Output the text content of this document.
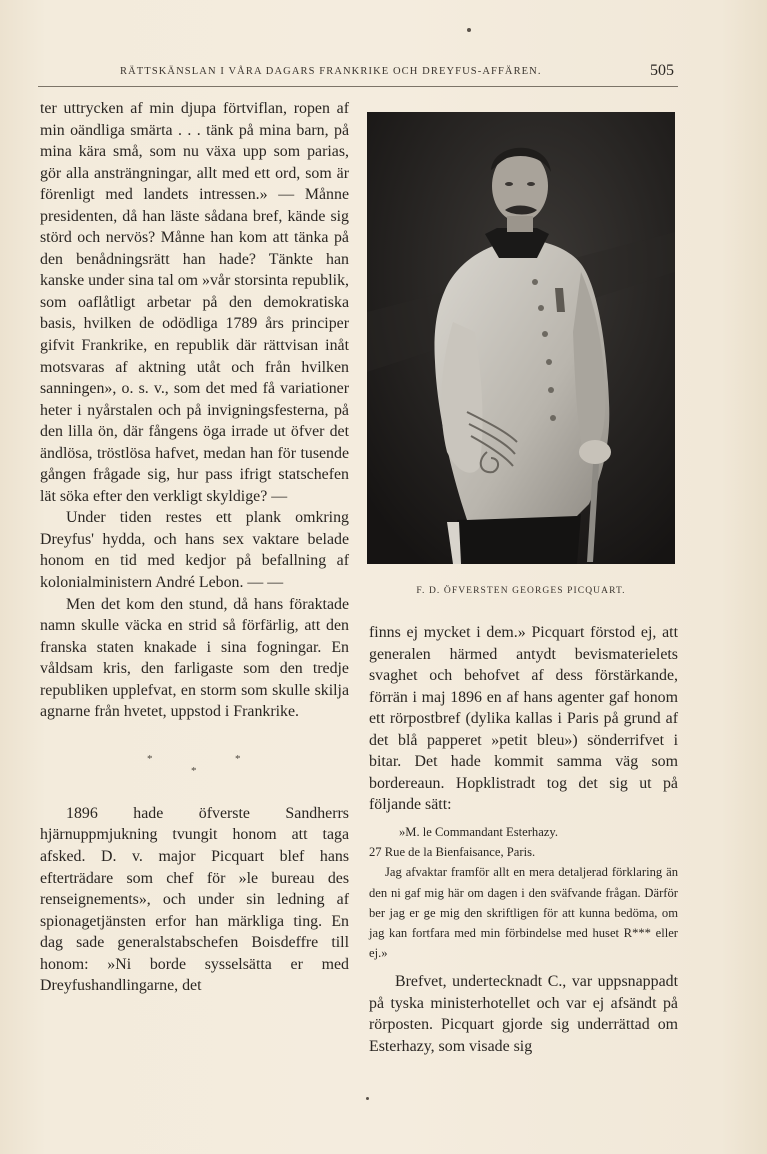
RÄTTSKÄNSLAN I VÅRA DAGARS FRANKRIKE OCH DREYFUS-AFFÄREN.	505

ter uttrycken af min djupa förtviflan, ropen af min oändliga smärta . . . tänk på mina barn, på mina kära små, som nu växa upp som parias, gör alla ansträngningar, allt med ett ord, som är förenligt med landets intressen.» — Månne presidenten, då han läste sådana bref, kände sig störd och nervös? Månne han kom att tänka på den benådningsrätt han hade? Tänkte han kanske under sina tal om »vår storsinta republik, som oaflåtligt arbetar på den demokratiska basis, hvilken de odödliga 1789 års principer gifvit Frankrike, en republik där rättvisan inåt motsvaras af aktning utåt och från hvilken sanningen», o. s. v., som det med få variationer heter i nyårstalen och på invigningsfesterna, på den lilla ön, där fångens öga irrade ut öfver det ändlösa, tröstlösa hafvet, medan han för tusende gången frågade sig, hur pass ifrigt statschefen lät söka efter den verkligt skyldige? —

Under tiden restes ett plank omkring Dreyfus' hydda, och hans sex vaktare belade honom en tid med kedjor på befallning af kolonialministern André Lebon. — —

Men det kom den stund, då hans föraktade namn skulle väcka en strid så förfärlig, att den franska staten knakade i sina fogningar. En våldsam kris, den farligaste som den tredje republiken upplefvat, en storm som skulle skilja agnarne från hvetet, uppstod i Frankrike.

*
*
*

1896 hade öfverste Sandherrs hjärnuppmjukning tvungit honom att taga afsked. D. v. major Picquart blef hans efterträdare som chef för »le bureau des renseignements», och under sin ledning af spionagetjänsten erfor han märkliga ting. En dag sade generalstabschefen Boisdeffre till honom: »Ni borde sysselsätta er med Dreyfushandlingarne, det

F. D. ÖFVERSTEN GEORGES PICQUART.

finns ej mycket i dem.» Picquart förstod ej, att generalen härmed antydt bevismaterielets svaghet och behofvet af dess förstärkande, förrän i maj 1896 en af hans agenter gaf honom ett rörpostbref (dylika kallas i Paris på grund af det blå papperet »petit bleu») sönderrifvet i bitar. Det hade kommit samma väg som bordereaun. Hopklistradt tog det sig ut på följande sätt:

»M. le Commandant Esterhazy.
27 Rue de la Bienfaisance, Paris.
Jag afvaktar framför allt en mera detaljerad förklaring än den ni gaf mig här om dagen i den sväfvande frågan. Därför ber jag er ge mig den skriftligen för att kunna bedöma, om jag kan fortfara med min förbindelse med huset R*** eller ej.»

Brefvet, undertecknadt C., var uppsnappadt på tyska ministerhotellet och var ej afsändt på rörposten. Picquart gjorde sig underrättad om Esterhazy, som visade sig
